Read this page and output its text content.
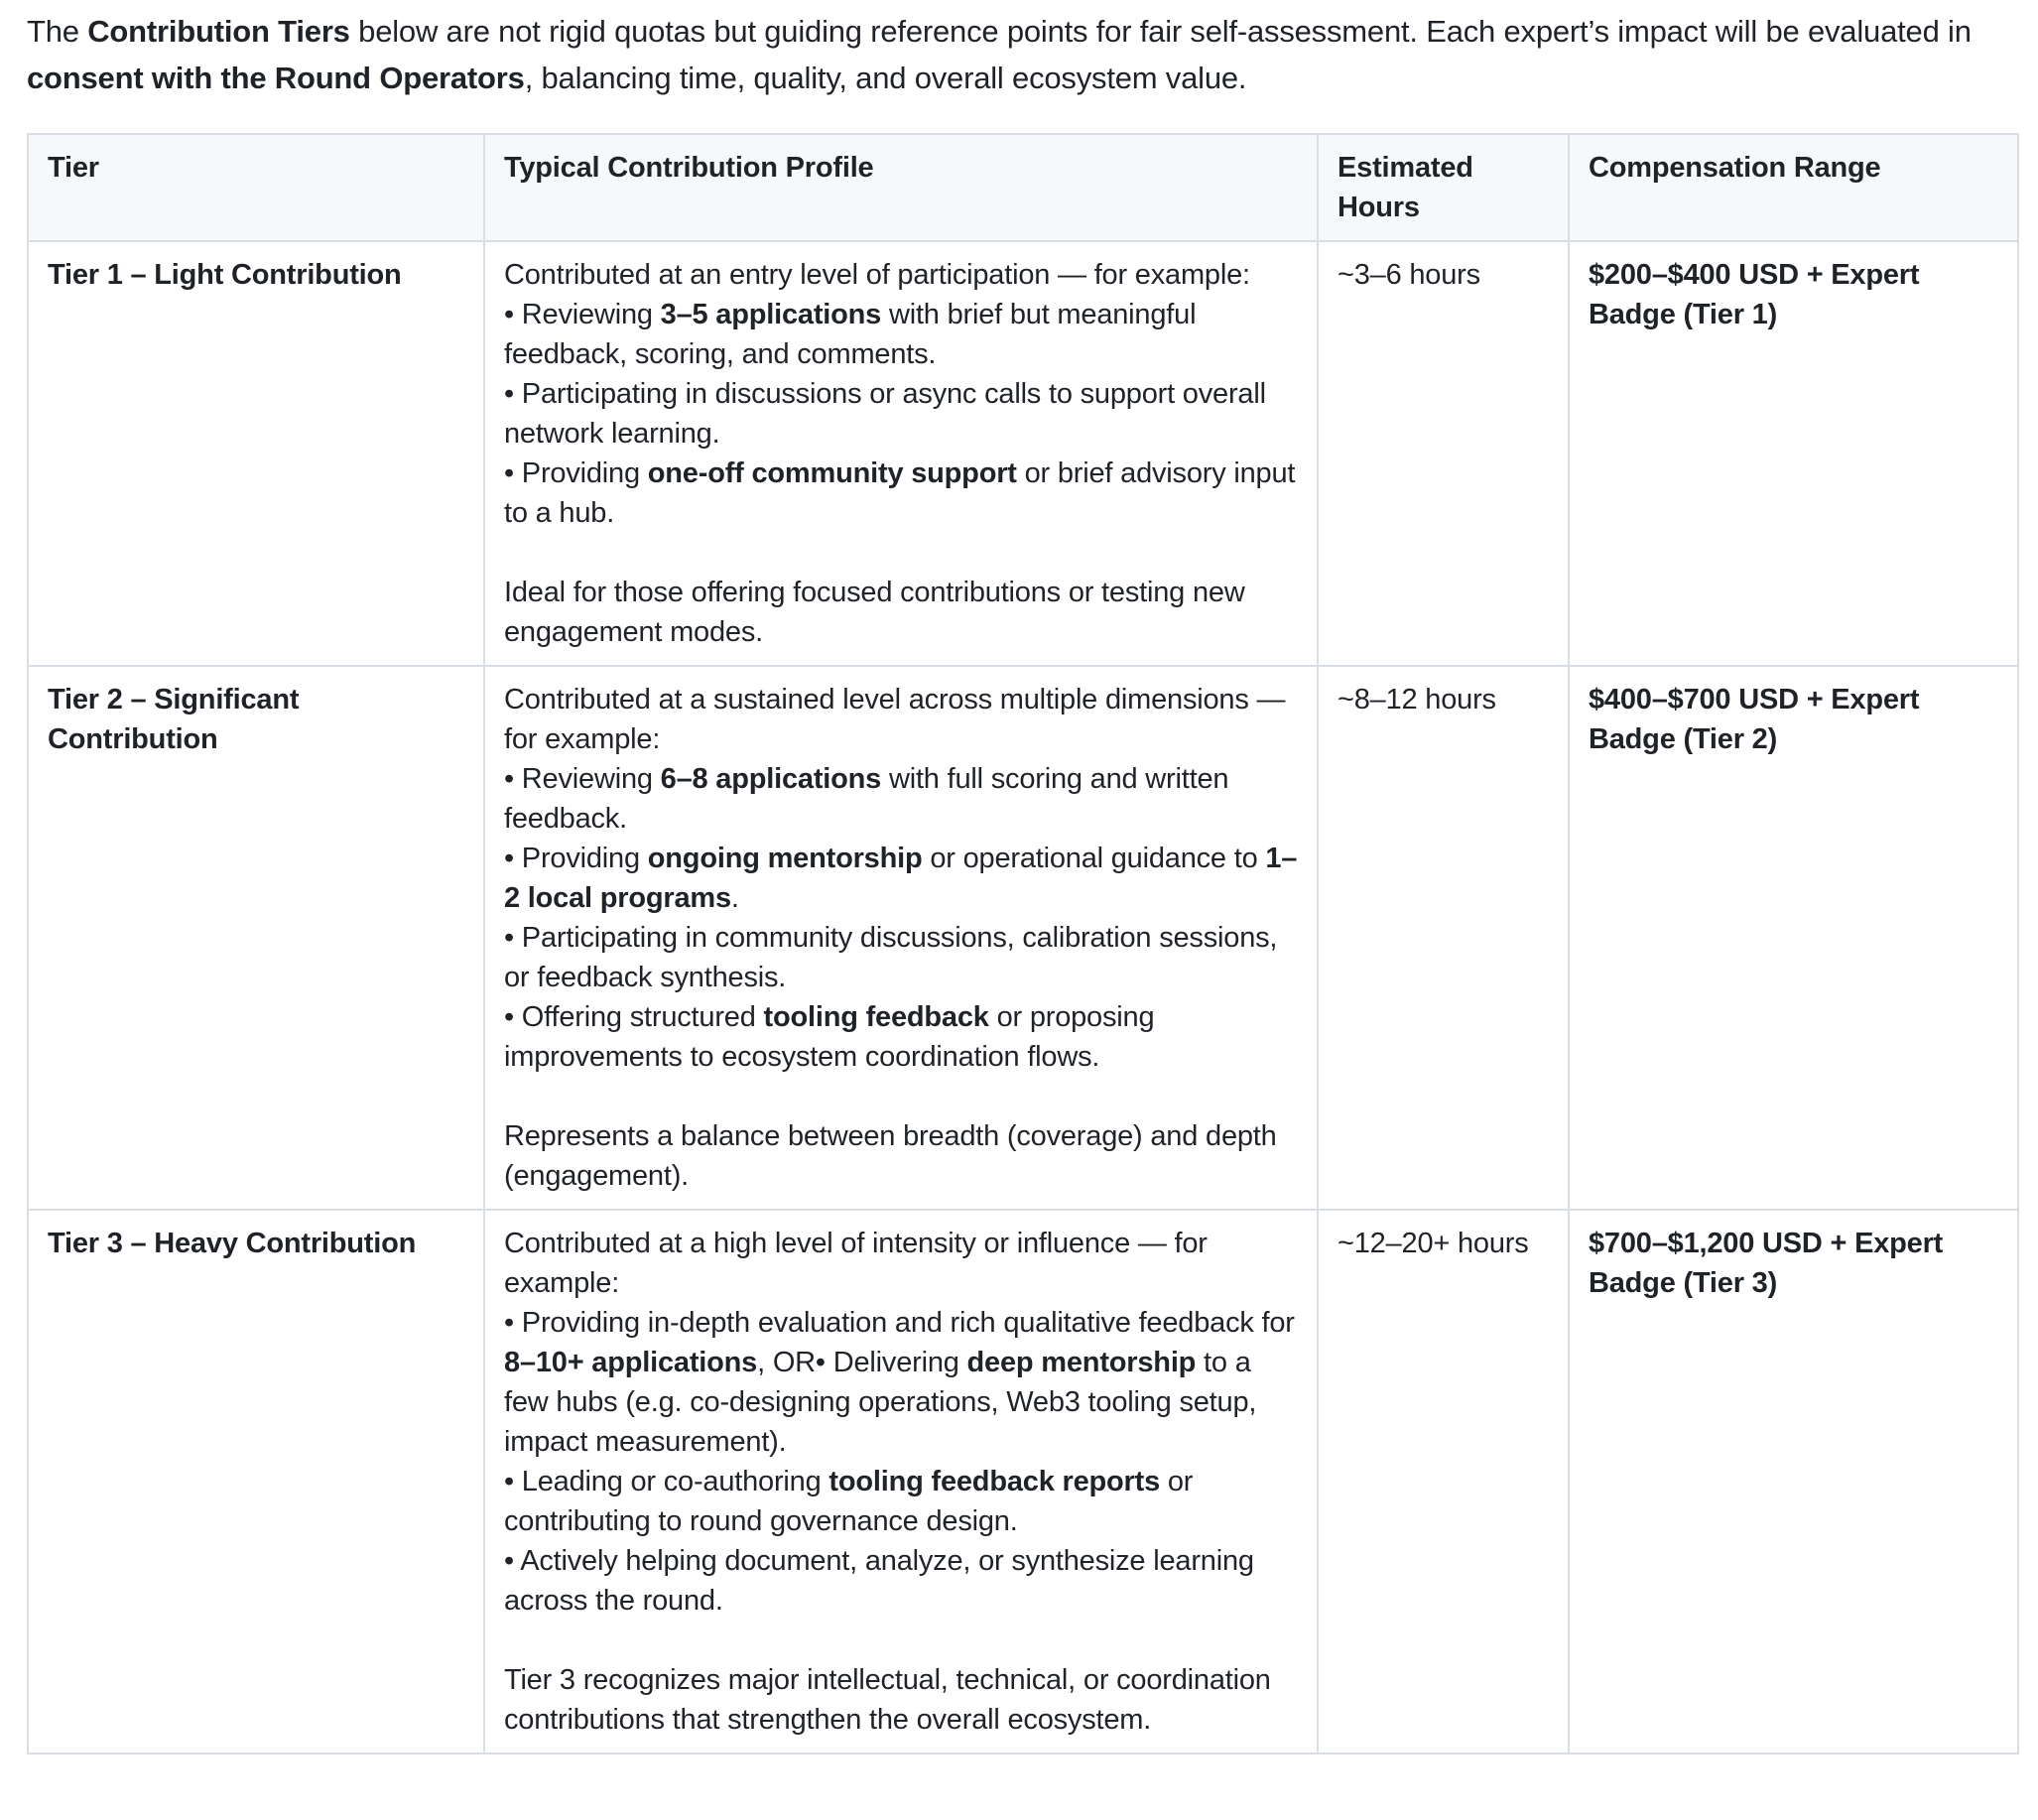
The Contribution Tiers below are not rigid quotas but guiding reference points for fair self-assessment. Each expert’s impact will be evaluated in consent with the Round Operators, balancing time, quality, and overall ecosystem value.

Tier	Typical Contribution Profile	Estimated Hours	Compensation Range
Tier 1 – Light Contribution	Contributed at an entry level of participation — for example:
• Reviewing 3–5 applications with brief but meaningful feedback, scoring, and comments.
• Participating in discussions or async calls to support overall network learning.
• Providing one-off community support or brief advisory input to a hub.

Ideal for those offering focused contributions or testing new engagement modes.	~3–6 hours	$200–$400 USD + Expert Badge (Tier 1)
Tier 2 – Significant Contribution	Contributed at a sustained level across multiple dimensions — for example:
• Reviewing 6–8 applications with full scoring and written feedback.
• Providing ongoing mentorship or operational guidance to 1–2 local programs.
• Participating in community discussions, calibration sessions, or feedback synthesis.
• Offering structured tooling feedback or proposing improvements to ecosystem coordination flows.

Represents a balance between breadth (coverage) and depth (engagement).	~8–12 hours	$400–$700 USD + Expert Badge (Tier 2)
Tier 3 – Heavy Contribution	Contributed at a high level of intensity or influence — for example:
• Providing in-depth evaluation and rich qualitative feedback for 8–10+ applications, OR• Delivering deep mentorship to a few hubs (e.g. co-designing operations, Web3 tooling setup, impact measurement).
• Leading or co-authoring tooling feedback reports or contributing to round governance design.
• Actively helping document, analyze, or synthesize learning across the round.

Tier 3 recognizes major intellectual, technical, or coordination contributions that strengthen the overall ecosystem.	~12–20+ hours	$700–$1,200 USD + Expert Badge (Tier 3)
